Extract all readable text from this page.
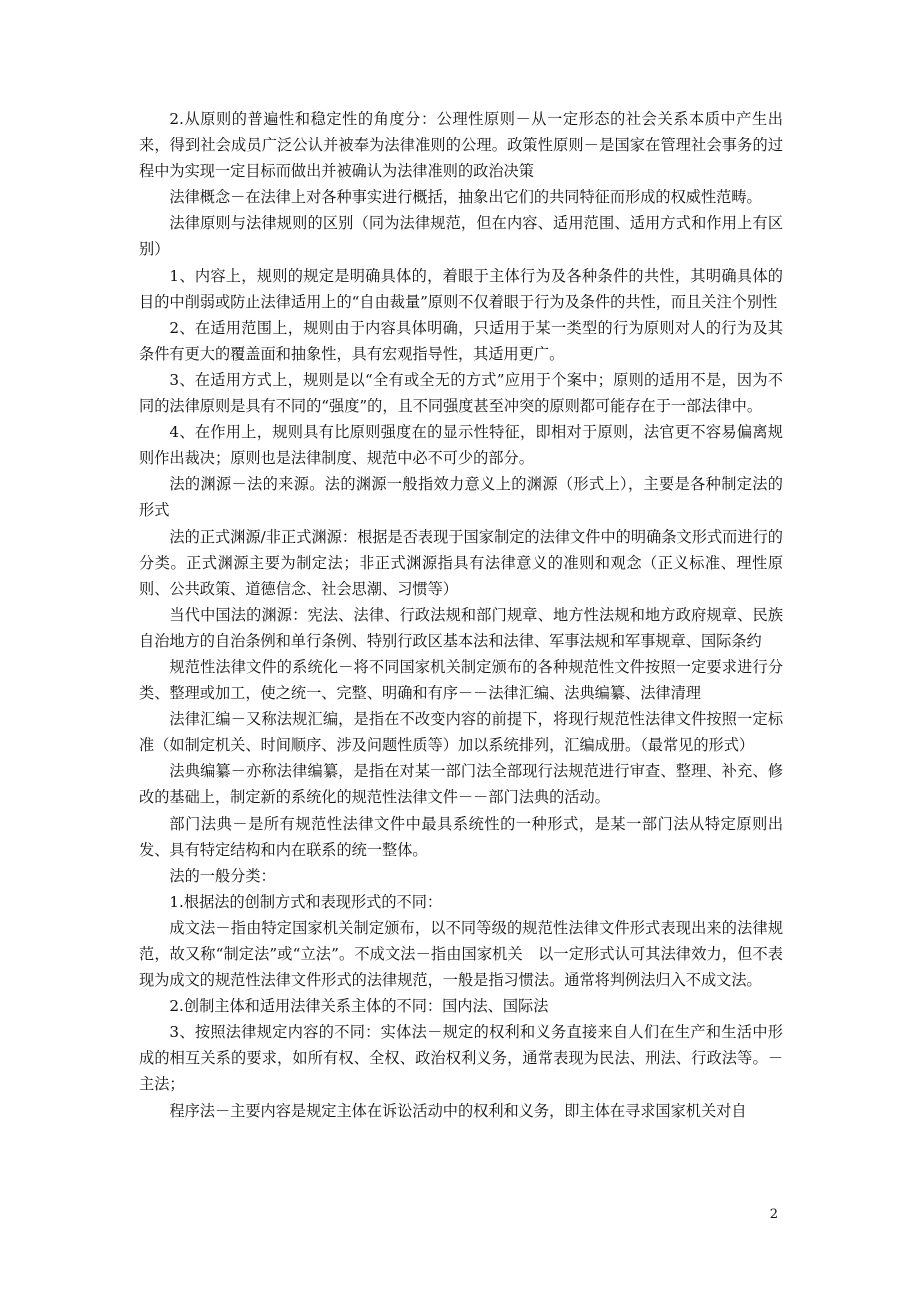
2.从原则的普遍性和稳定性的角度分：公理性原则－从一定形态的社会关系本质中产生出来，得到社会成员广泛公认并被奉为法律准则的公理。政策性原则－是国家在管理社会事务的过程中为实现一定目标而做出并被确认为法律准则的政治决策

法律概念－在法律上对各种事实进行概括，抽象出它们的共同特征而形成的权威性范畴。

法律原则与法律规则的区别（同为法律规范，但在内容、适用范围、适用方式和作用上有区别）

1、内容上，规则的规定是明确具体的，着眼于主体行为及各种条件的共性，其明确具体的目的中削弱或防止法律适用上的“自由裁量”原则不仅着眼于行为及条件的共性，而且关注个别性

2、在适用范围上，规则由于内容具体明确，只适用于某一类型的行为原则对人的行为及其条件有更大的覆盖面和抽象性，具有宏观指导性，其适用更广。

3、在适用方式上，规则是以“全有或全无的方式”应用于个案中；原则的适用不是，因为不同的法律原则是具有不同的“强度”的，且不同强度甚至冲突的原则都可能存在于一部法律中。

4、在作用上，规则具有比原则强度在的显示性特征，即相对于原则，法官更不容易偏离规则作出裁决；原则也是法律制度、规范中必不可少的部分。

法的渊源－法的来源。法的渊源一般指效力意义上的渊源（形式上），主要是各种制定法的形式

法的正式渊源/非正式渊源：根据是否表现于国家制定的法律文件中的明确条文形式而进行的分类。正式渊源主要为制定法；非正式渊源指具有法律意义的准则和观念（正义标准、理性原则、公共政策、道德信念、社会思潮、习惯等）

当代中国法的渊源：宪法、法律、行政法规和部门规章、地方性法规和地方政府规章、民族自治地方的自治条例和单行条例、特别行政区基本法和法律、军事法规和军事规章、国际条约

规范性法律文件的系统化－将不同国家机关制定颁布的各种规范性文件按照一定要求进行分类、整理或加工，使之统一、完整、明确和有序－－法律汇编、法典编纂、法律清理

法律汇编－又称法规汇编，是指在不改变内容的前提下，将现行规范性法律文件按照一定标准（如制定机关、时间顺序、涉及问题性质等）加以系统排列，汇编成册。（最常见的形式）

法典编纂－亦称法律编纂，是指在对某一部门法全部现行法规范进行审查、整理、补充、修改的基础上，制定新的系统化的规范性法律文件－－部门法典的活动。

部门法典－是所有规范性法律文件中最具系统性的一种形式，是某一部门法从特定原则出发、具有特定结构和内在联系的统一整体。

法的一般分类：

1.根据法的创制方式和表现形式的不同：

成文法－指由特定国家机关制定颁布，以不同等级的规范性法律文件形式表现出来的法律规范，故又称“制定法”或“立法”。不成文法－指由国家机关　以一定形式认可其法律效力，但不表现为成文的规范性法律文件形式的法律规范，一般是指习惯法。通常将判例法归入不成文法。

2.创制主体和适用法律关系主体的不同：国内法、国际法

3、按照法律规定内容的不同：实体法－规定的权利和义务直接来自人们在生产和生活中形成的相互关系的要求，如所有权、全权、政治权利义务，通常表现为民法、刑法、行政法等。－主法；

程序法－主要内容是规定主体在诉讼活动中的权利和义务，即主体在寻求国家机关对自

2
